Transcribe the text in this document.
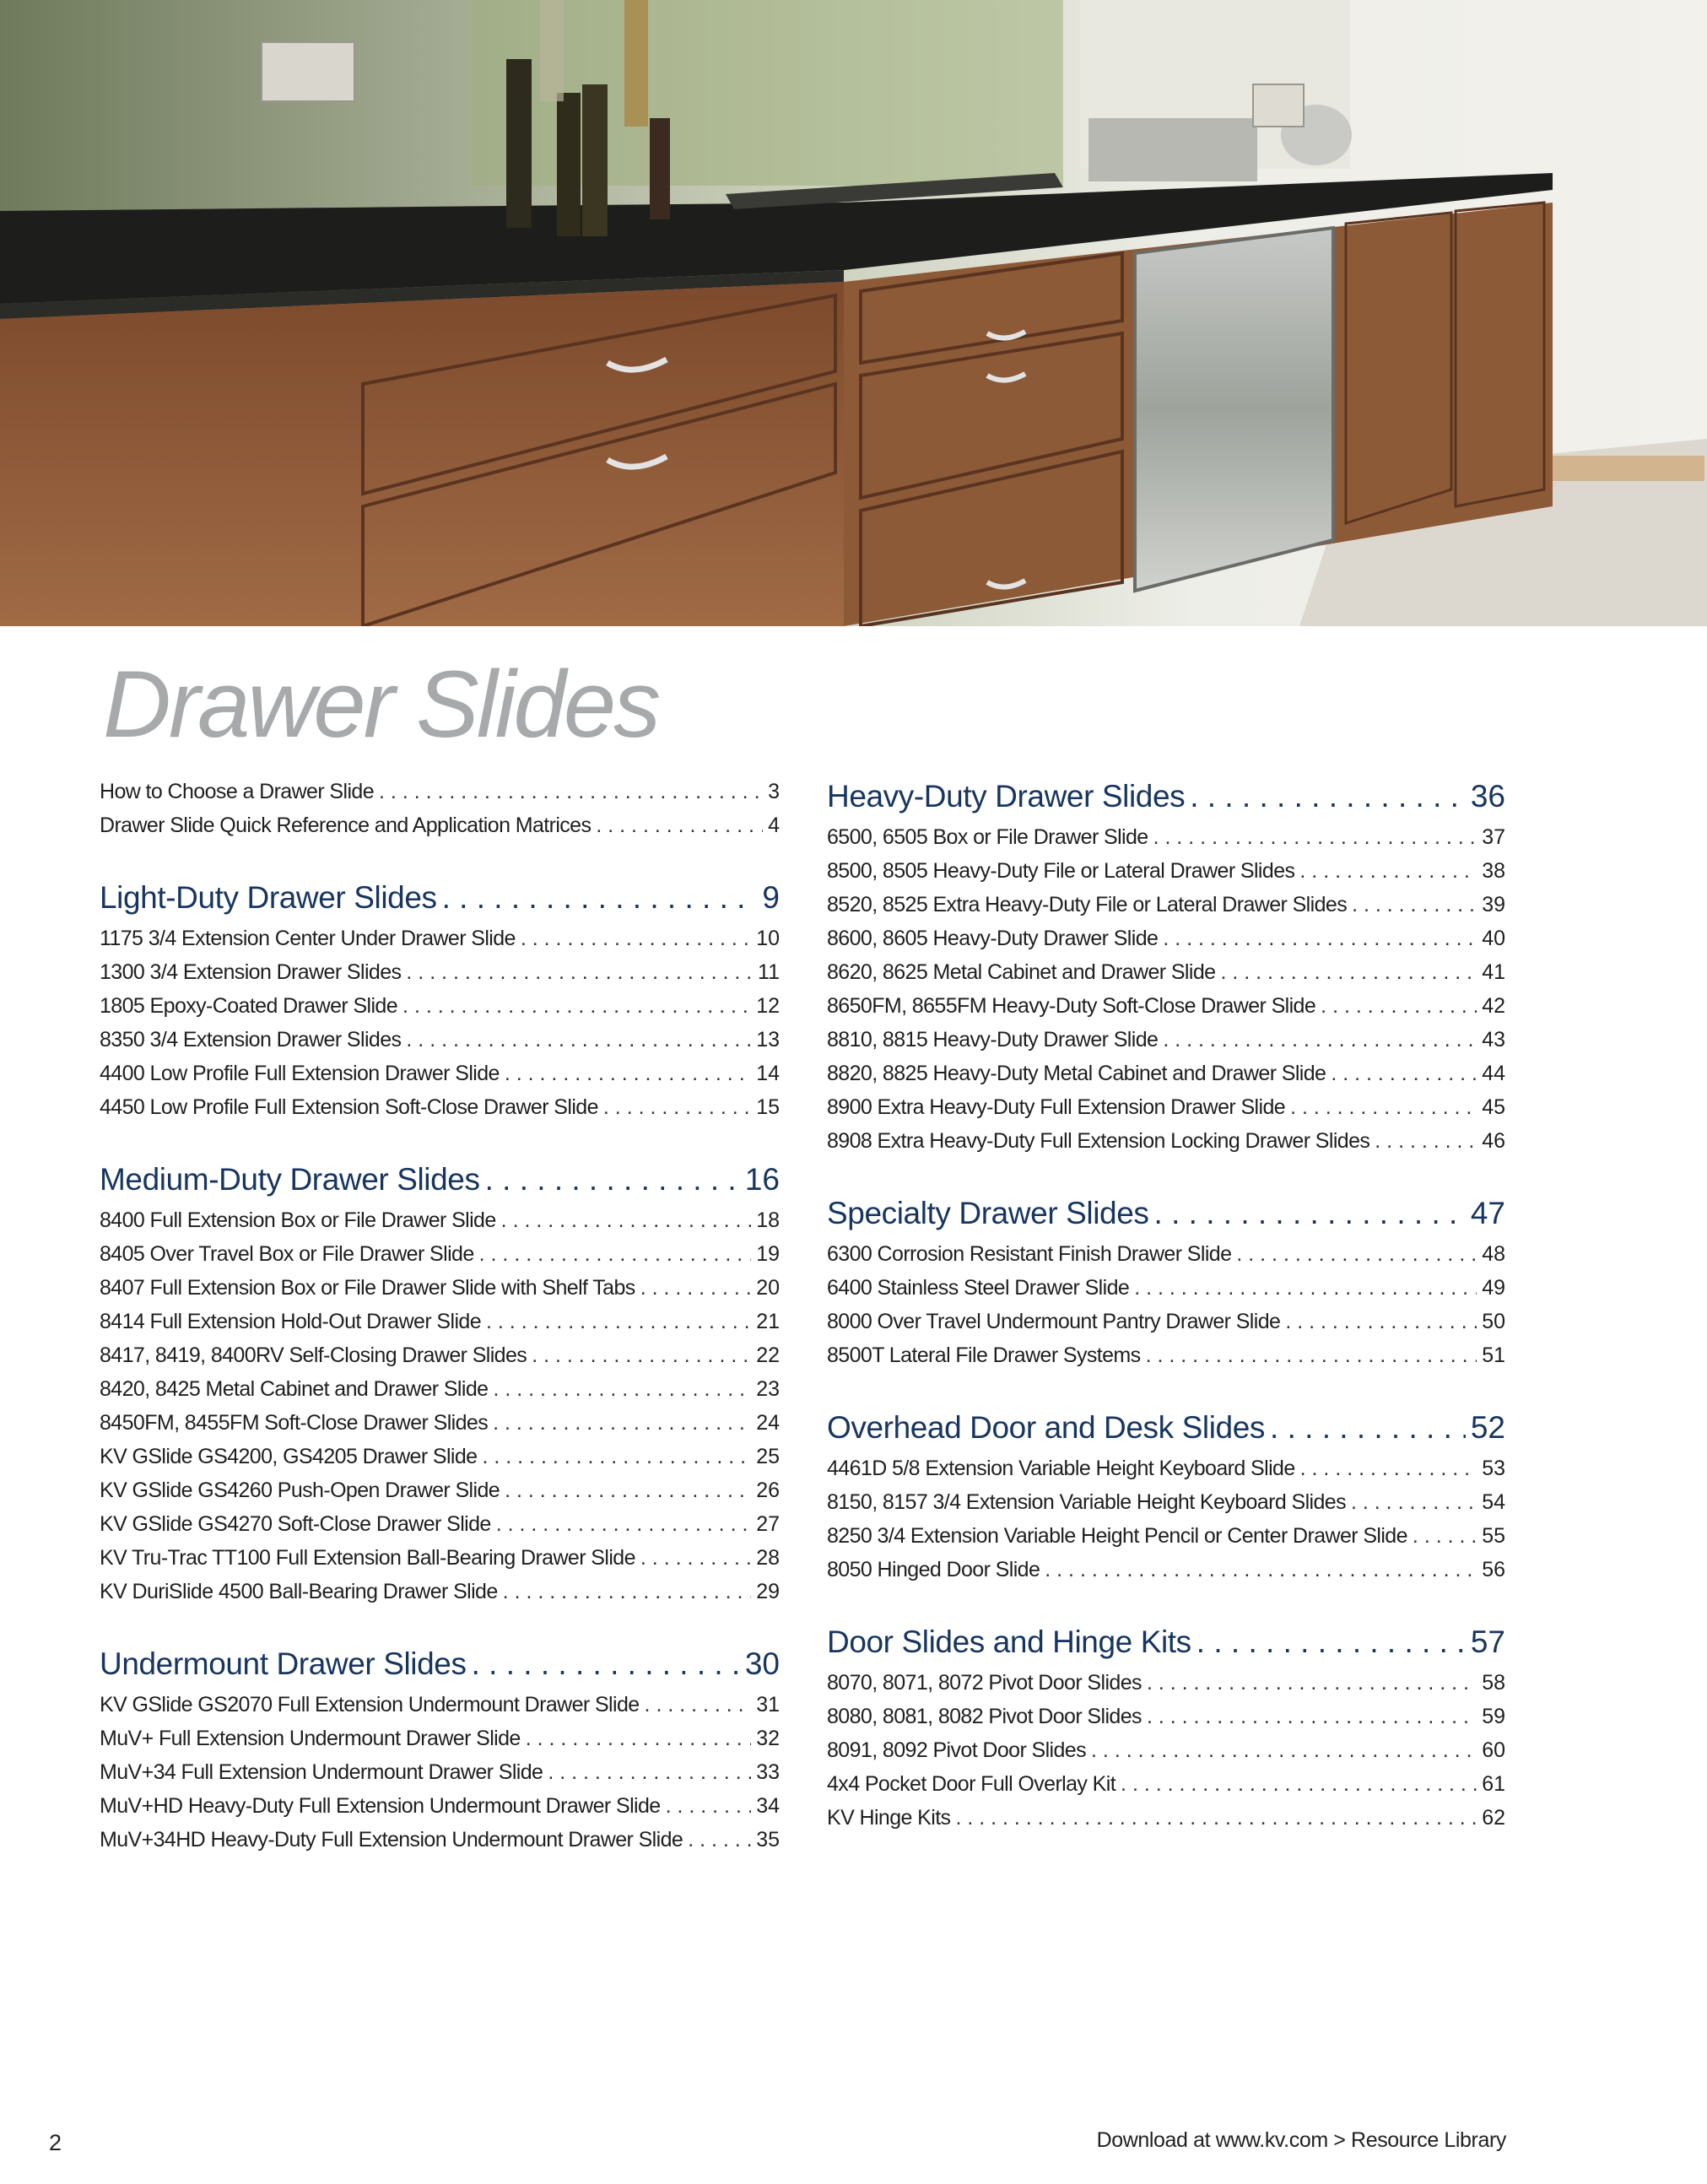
Drawer Slides
How to Choose a Drawer Slide . . .	3
Drawer Slide Quick Reference and Application Matrices . . .	4
Light-Duty Drawer Slides . . .	9
1175 3/4 Extension Center Under Drawer Slide . . .	10
1300 3/4 Extension Drawer Slides . . .	11
1805 Epoxy-Coated Drawer Slide . . .	12
8350 3/4 Extension Drawer Slides . . .	13
4400 Low Profile Full Extension Drawer Slide . . .	14
4450 Low Profile Full Extension Soft-Close Drawer Slide . . .	15
Medium-Duty Drawer Slides . . .	16
8400 Full Extension Box or File Drawer Slide . . .	18
8405 Over Travel Box or File Drawer Slide . . .	19
8407 Full Extension Box or File Drawer Slide with Shelf Tabs . . .	20
8414 Full Extension Hold-Out Drawer Slide . . .	21
8417, 8419, 8400RV Self-Closing Drawer Slides . . .	22
8420, 8425 Metal Cabinet and Drawer Slide . . .	23
8450FM, 8455FM Soft-Close Drawer Slides . . .	24
KV GSlide GS4200, GS4205 Drawer Slide . . .	25
KV GSlide GS4260 Push-Open Drawer Slide . . .	26
KV GSlide GS4270 Soft-Close Drawer Slide . . .	27
KV Tru-Trac TT100 Full Extension Ball-Bearing Drawer Slide . . .	28
KV DuriSlide 4500 Ball-Bearing Drawer Slide . . .	29
Undermount Drawer Slides . . .	30
KV GSlide GS2070 Full Extension Undermount Drawer Slide . . .	31
MuV+ Full Extension Undermount Drawer Slide . . .	32
MuV+34 Full Extension Undermount Drawer Slide . . .	33
MuV+HD Heavy-Duty Full Extension Undermount Drawer Slide . . .	34
MuV+34HD Heavy-Duty Full Extension Undermount Drawer Slide . . .	35
Heavy-Duty Drawer Slides . . .	36
6500, 6505 Box or File Drawer Slide . . .	37
8500, 8505 Heavy-Duty File or Lateral Drawer Slides . . .	38
8520, 8525 Extra Heavy-Duty File or Lateral Drawer Slides . . .	39
8600, 8605 Heavy-Duty Drawer Slide . . .	40
8620, 8625 Metal Cabinet and Drawer Slide . . .	41
8650FM, 8655FM Heavy-Duty Soft-Close Drawer Slide . . .	42
8810, 8815 Heavy-Duty Drawer Slide . . .	43
8820, 8825 Heavy-Duty Metal Cabinet and Drawer Slide . . .	44
8900 Extra Heavy-Duty Full Extension Drawer Slide . . .	45
8908 Extra Heavy-Duty Full Extension Locking Drawer Slides . . .	46
Specialty Drawer Slides . . .	47
6300 Corrosion Resistant Finish Drawer Slide . . .	48
6400 Stainless Steel Drawer Slide . . .	49
8000 Over Travel Undermount Pantry Drawer Slide . . .	50
8500T Lateral File Drawer Systems . . .	51
Overhead Door and Desk Slides . . .	52
4461D 5/8 Extension Variable Height Keyboard Slide . . .	53
8150, 8157 3/4 Extension Variable Height Keyboard Slides . . .	54
8250 3/4 Extension Variable Height Pencil or Center Drawer Slide . . .	55
8050 Hinged Door Slide . . .	56
Door Slides and Hinge Kits . . .	57
8070, 8071, 8072 Pivot Door Slides . . .	58
8080, 8081, 8082 Pivot Door Slides . . .	59
8091, 8092 Pivot Door Slides . . .	60
4x4 Pocket Door Full Overlay Kit . . .	61
KV Hinge Kits . . .	62
2	Download at www.kv.com > Resource Library
